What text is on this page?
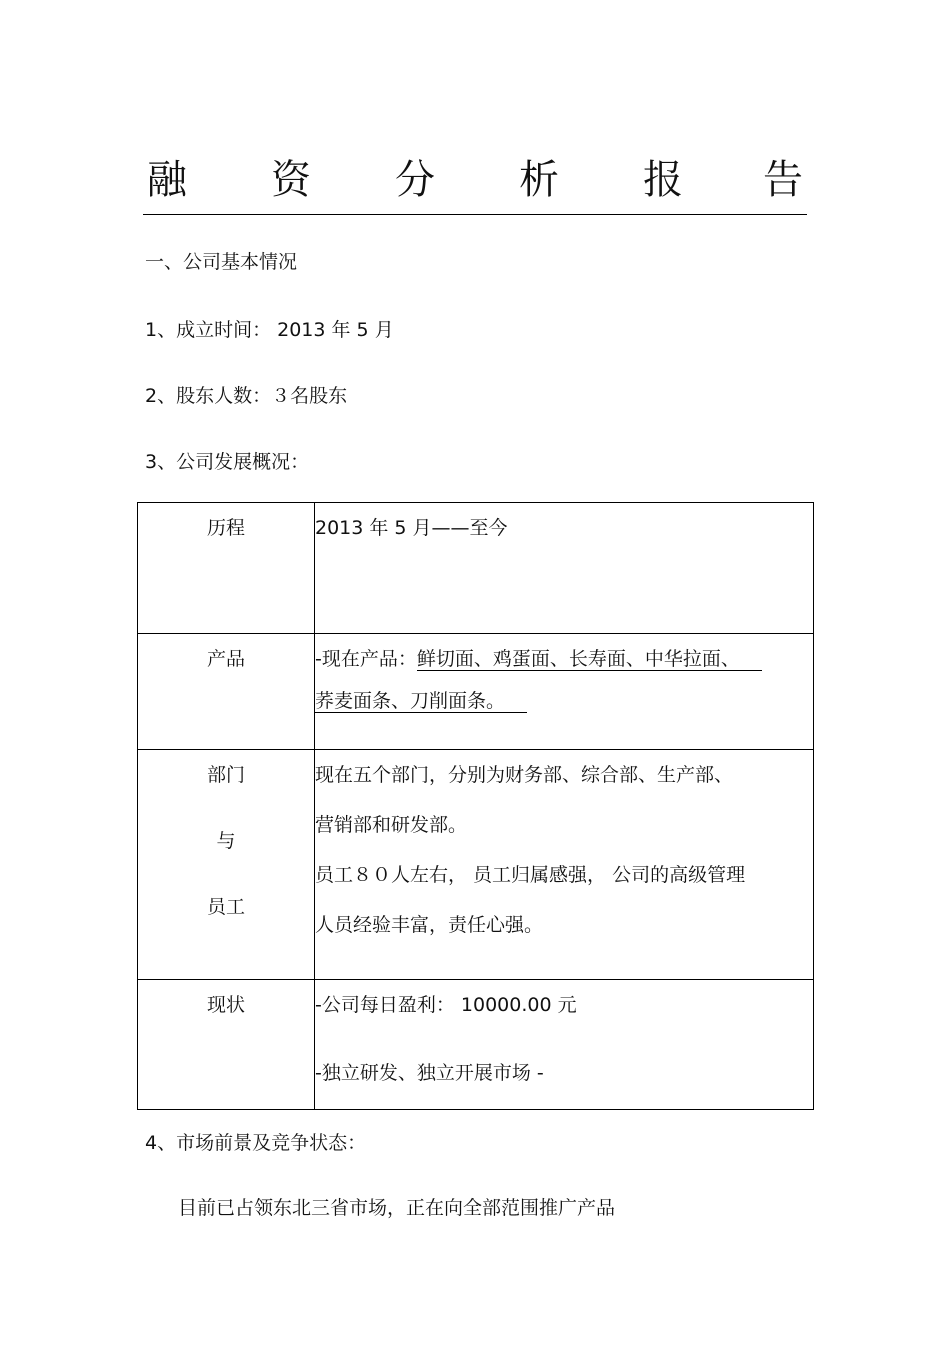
融 资 分 析 报 告
一、公司基本情况
1、成立时间： 2013 年 5 月
2、股东人数：３名股东
3、公司发展概况：
历程	2013 年 5 月——至今

产品	-现在产品：鲜切面、鸡蛋面、长寿面、中华拉面、
荞麦面条、刀削面条。

部门
与
员工	现在五个部门，分别为财务部、综合部、生产部、
营销部和研发部。
员工８０人左右， 员工归属感强， 公司的高级管理
人员经验丰富，责任心强。

现状	-公司每日盈利： 10000.00 元
-独立研发、独立开展市场 -
4、市场前景及竞争状态：
目前已占领东北三省市场，正在向全部范围推广产品
